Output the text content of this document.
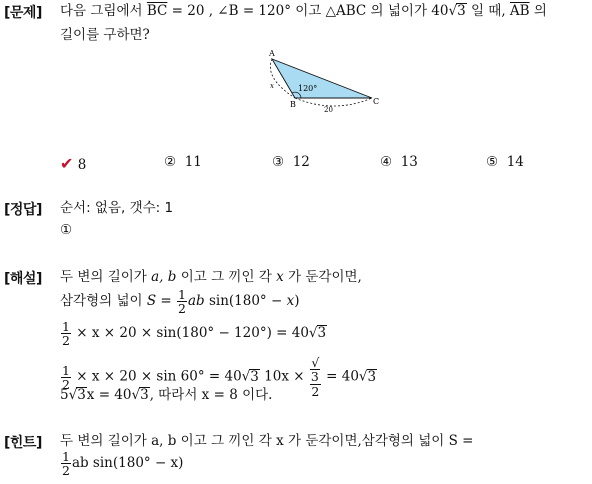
[문제] 다음 그림에서 $\overline{BC} = 20$ , ∠B = 120° 이고 △ABC 의 넓이가 40√3 일 때, $\overline{AB}$ 의
길이를 구하면?
A
B	C
120°
x
20
✔ 8	② 11	③ 12	④ 13	⑤ 14
[정답] 순서: 없음, 갯수: 1
①
[해설] 두 변의 길이가 a, b 이고 그 끼인 각 x 가 둔각이면,
삼각형의 넓이 $S = \frac{1}{2}$ ab sin(180° − x)
$\frac{1}{2} \times x \times 20 \times \sin(180^\circ - 120^\circ) = 40√3$
$\frac{1}{2} \times x \times 20 \times \sin 60^\circ = 40√3$ 10x × √
3
2 = 40√3
5√3x = 40√3, 따라서 x = 8 이다.
[힌트] 두 변의 길이가 a, b 이고 그 끼인 각 x 가 둔각이면,삼각형의 넓이 S =
$\frac{1}{2}$ ab sin(180° − x)
